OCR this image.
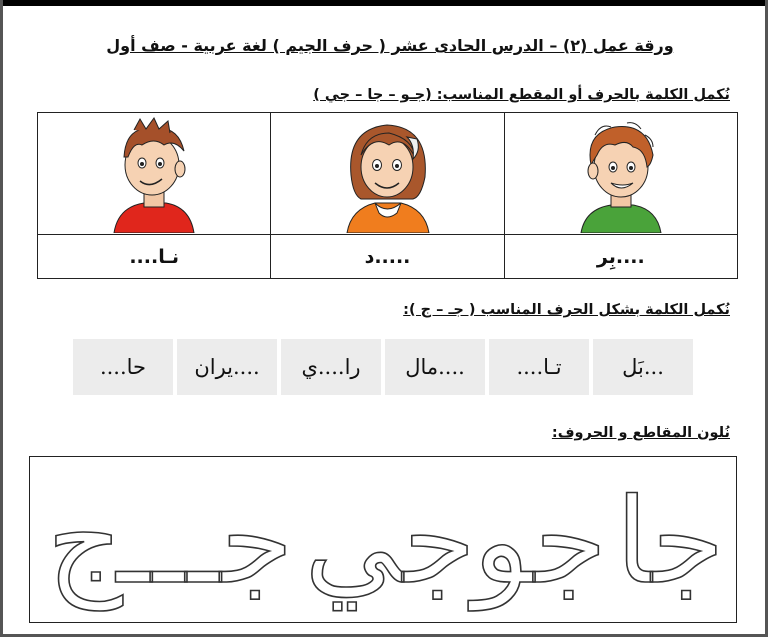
ورقة عمل (٢) – الدرس الحادى عشر ( حرف الجيم ) لغة عربية - صف أول
نُكمل الكلمة بالحرف أو المقطع المناسب: (جـو – جا – جي )

نـا....	.....د	....بِر
نُكمل الكلمة بشكل الحرف المناسب ( جـ – ج ):
...بَل
تـا....
....مال
را....ي
....يران
حا....
نُلون المقاطع و الحروف:
جا
جو
جي
جـــ
ج
